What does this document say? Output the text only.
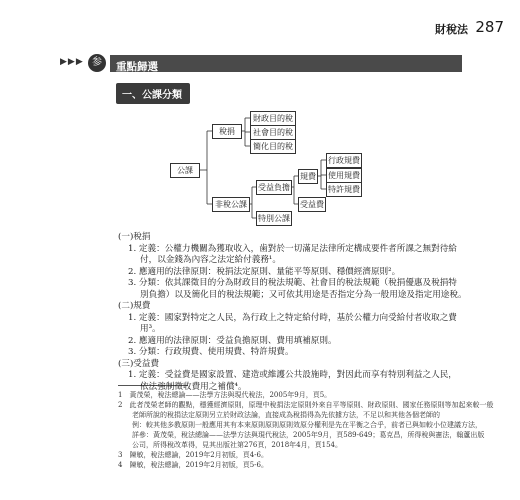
財稅法 287
▶▶▶ 参	重點歸選
一、公課分類
公課
稅捐
財政目的稅
社會目的稅
簡化目的稅
非稅公課
受益負擔
特別公課
規費
受益費
行政規費
使用規費
特許規費
1　黃茂榮，稅法總論——法學方法與現代稅法，2005年9月，頁5。
2　此者茂榮老師的觀點，穩獲經濟原則，原理中稅捐法定原則外來自平等原則、財政原則、國家任務原則等加起來較一般
　　老師所說的稅捐法定原則另立於財政法論，直接成為稅捐得為先依據方法，不足以和其他各個老師的
　　例：較其他多教原則一般應用其有本來原則原則原則效原分權利是先在平衡之合乎，前者已與如較小位建議方法，
　　詳參：黃茂榮，稅法總論——法學方法與現代稅法，2005年9月，頁589-649；葛克昌，所得稅與憲法，翰蘆出版
　　公司，所得稅改革得，見其出版社第276頁，2018年4月，頁154。
3　陳敏，稅法總論，2019年2月初版，頁4-6。
4　陳敏，稅法總論，2019年2月初版，頁5-6。
(一)稅捐
1. 定義：公權力機關為獲取收入，歯對於一切滿足法律所定構成要件者所課之無對待給
付，以金錢為內容之法定給付義務¹。
2. 應適用的法律原則：稅捐法定原則、量能平等原則、穩價經濟原則²。
3. 分類：依其課徵目的分為財政目的稅法規範、社會目的稅法規範（稅捐優惠及稅捐特
別負擔）以及簡化目的稅法規範；又可依其用途是否指定分為一般用途及指定用途稅。
(二)規費
1. 定義：國家對特定之人民，為行政上之特定給付時，基於公權力向受給付者收取之費
用³。
2. 應適用的法律原則：受益負擔原則、費用填補原則。
3. 分類：行政規費、使用規費、特許規費。
(三)受益費
1. 定義：受益費是國家設置、建造或維護公共設施時，對因此而享有特別利益之人民，
依法強制徵收費用之補償⁴。
